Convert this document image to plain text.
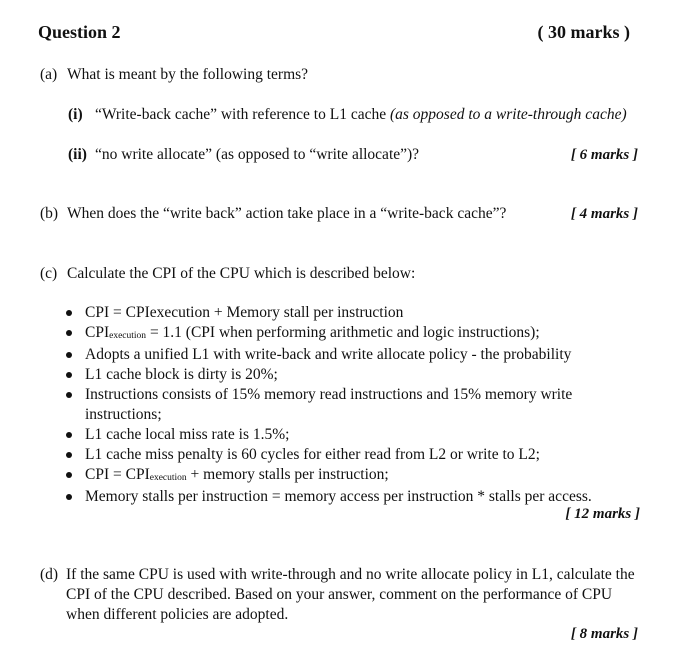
Question 2	( 30 marks )
(a) What is meant by the following terms?
(i) “Write-back cache” with reference to L1 cache (as opposed to a write-through cache)
(ii) “no write allocate” (as opposed to “write allocate”)?	[ 6 marks ]
(b) When does the “write back” action take place in a “write-back cache”?	[ 4 marks ]
(c) Calculate the CPI of the CPU which is described below:
CPI = CPIexecution + Memory stall per instruction
CPIexecution = 1.1 (CPI when performing arithmetic and logic instructions);
Adopts a unified L1 with write-back and write allocate policy - the probability
L1 cache block is dirty is 20%;
Instructions consists of 15% memory read instructions and 15% memory write instructions;
L1 cache local miss rate is 1.5%;
L1 cache miss penalty is 60 cycles for either read from L2 or write to L2;
CPI = CPIexecution + memory stalls per instruction;
Memory stalls per instruction = memory access per instruction * stalls per access.
[ 12 marks ]
(d) If the same CPU is used with write-through and no write allocate policy in L1, calculate the CPI of the CPU described. Based on your answer, comment on the performance of CPU when different policies are adopted.
[ 8 marks ]
